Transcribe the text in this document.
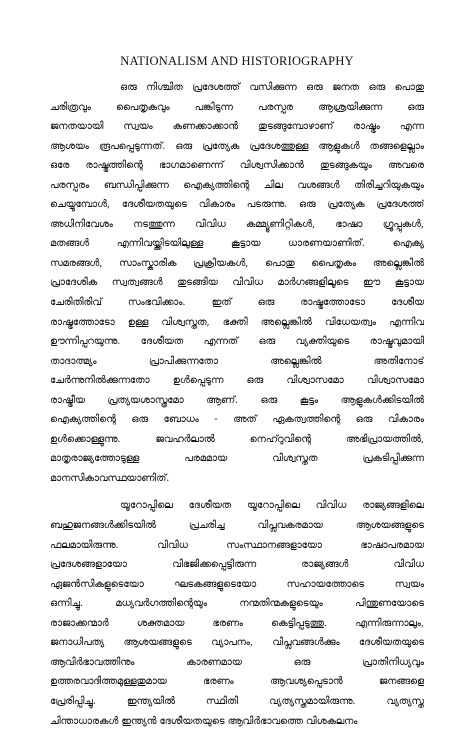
NATIONALISM AND HISTORIOGRAPHY

ഒരു നിശ്ചിത പ്രദേശത്ത് വസിക്കുന്ന ഒരു ജനത ഒരു പൊതു
ചരിത്രവും പൈതൃകവും പങ്കിടുന്ന പരസ്പര ആശ്രയിക്കുന്ന ഒരു
ജനതയായി സ്വയം കണക്കാക്കാൻ തുടങ്ങുമ്പോഴാണ് രാഷ്ട്രം എന്ന
ആശയം രൂപപ്പെടുന്നത്. ഒരു പ്രത്യേക പ്രദേശത്തുള്ള ആളുകൾ തങ്ങളെല്ലാം
ഒരേ രാഷ്ട്രത്തിന്റെ ഭാഗമാണെന്ന് വിശ്വസിക്കാൻ തുടങ്ങുകയും അവരെ
പരസ്പരം ബന്ധിപ്പിക്കുന്ന ഐക്യത്തിന്റെ ചില വശങ്ങൾ തിരിച്ചറിയുകയും
ചെയ്യുമ്പോൾ, ദേശീയതയുടെ വികാരം പടരുന്നു. ഒരു പ്രത്യേക പ്രദേശത്ത്
അധിനിവേശം നടത്തുന്ന വിവിധ കമ്മ്യൂണിറ്റികൾ, ഭാഷാ ഗ്രൂപ്പുകൾ,
മതങ്ങൾ എന്നിവയ്ക്കിടയിലുള്ള കൂട്ടായ ധാരണയാണിത്. ഐക്യ
സമരങ്ങൾ, സാംസ്കാരിക പ്രക്രിയകൾ, പൊതു പൈതൃകം അല്ലെങ്കിൽ
പ്രാദേശിക സ്വത്വങ്ങൾ തുടങ്ങിയ വിവിധ മാർഗങ്ങളിലൂടെ ഈ കൂട്ടായ
ചേരിതിരിവ് സംഭവിക്കാം. ഇത് ഒരു രാഷ്ട്രത്തോടോ ദേശീയ
രാഷ്ട്രത്തോടോ ഉള്ള വിശ്വസ്തത, ഭക്തി അല്ലെങ്കിൽ വിധേയത്വം എന്നിവ
ഊന്നിപ്പറയുന്നു. ദേശീയത എന്നത് ഒരു വ്യക്തിയുടെ രാഷ്ട്രവുമായി
താദാത്മ്യം പ്രാപിക്കുന്നതോ അല്ലെങ്കിൽ അതിനോട്
ചേർന്നുനിൽക്കുന്നതോ ഉൾപ്പെടുന്ന ഒരു വിശ്വാസമോ വിശ്വാസമോ
രാഷ്ട്രീയ പ്രത്യയശാസ്ത്രമോ ആണ്. ഒരു കൂട്ടം ആളുകൾക്കിടയിൽ
ഐക്യത്തിന്റെ ഒരു ബോധം - അത് ഏകത്വത്തിന്റെ ഒരു വികാരം
ഉൾക്കൊള്ളുന്നു. ജവഹർലാൽ നെഹ്റുവിന്റെ അഭിപ്രായത്തിൽ,
മാതൃരാജ്യത്തോടുള്ള പരമമായ വിശ്വസ്തത പ്രകടിപ്പിക്കുന്ന
മാനസികാവസ്ഥയാണിത്.

യൂറോപ്പിലെ ദേശീയത യൂറോപ്പിലെ വിവിധ രാജ്യങ്ങളിലെ
ബഹുജനങ്ങൾക്കിടയിൽ പ്രചരിച്ച വിപ്ലവകരമായ ആശയങ്ങളുടെ
ഫലമായിരുന്നു. വിവിധ സംസ്ഥാനങ്ങളായോ ഭാഷാപരമായ
പ്രദേശങ്ങളായോ വിഭജിക്കപ്പെട്ടിരുന്ന രാജ്യങ്ങൾ വിവിധ
ഏജൻസികളുടെയോ ഘടകങ്ങളുടെയോ സഹായത്തോടെ സ്വയം
ഒന്നിച്ചു. മധ്യവർഗത്തിന്റെയും നന്മതിന്മകളുടെയും പിന്തുണയോടെ
രാജാക്കന്മാർ ശക്തമായ ഭരണം കെട്ടിപ്പടുത്തു. എന്നിരുന്നാലും,
ജനാധിപത്യ ആശയങ്ങളുടെ വ്യാപനം, വിപ്ലവങ്ങൾക്കും ദേശീയതയുടെ
ആവിർഭാവത്തിനും കാരണമായ ഒരു പ്രാതിനിധ്യവും
ഉത്തരവാദിത്തമുള്ളതുമായ ഭരണം ആവശ്യപ്പെടാൻ ജനങ്ങളെ
പ്രേരിപ്പിച്ചു. ഇന്ത്യയിൽ സ്ഥിതി വ്യത്യസ്തമായിരുന്നു. വ്യത്യസ്ത
ചിന്താധാരകൾ ഇന്ത്യൻ ദേശീയതയുടെ ആവിർഭാവത്തെ വിശകലനം
